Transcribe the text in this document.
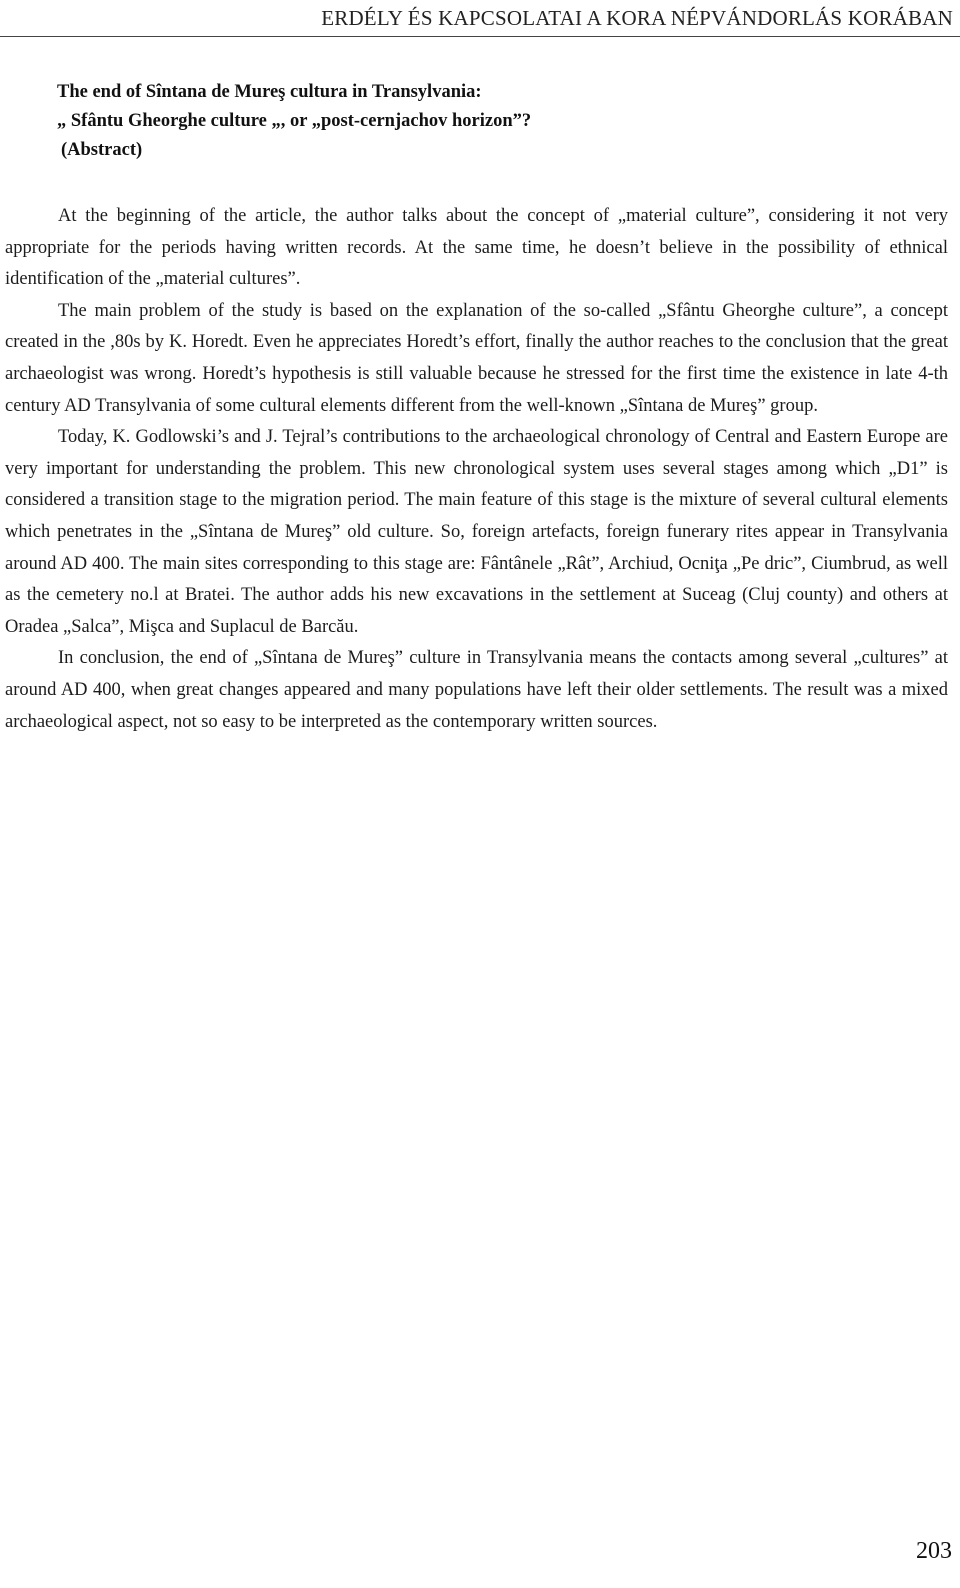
ERDÉLY ÉS KAPCSOLATAI A KORA NÉPVÁNDORLÁS KORÁBAN
The end of Sîntana de Mureş cultura in Transylvania:
„ Sfântu Gheorghe culture „, or „post-cernjachov horizon”?
(Abstract)

At the beginning of the article, the author talks about the concept of „material culture”, considering it not very appropriate for the periods having written records. At the same time, he doesn’t believe in the possibility of ethnical identification of the „material cultures”.

The main problem of the study is based on the explanation of the so-called „Sfântu Gheorghe culture”, a concept created in the ,80s by K. Horedt. Even he appreciates Horedt’s effort, finally the author reaches to the conclusion that the great archaeologist was wrong. Horedt’s hypothesis is still valuable because he stressed for the first time the existence in late 4-th century AD Transylvania of some cultural elements different from the well-known „Sîntana de Mureş” group.

Today, K. Godlowski’s and J. Tejral’s contributions to the archaeological chronology of Central and Eastern Europe are very important for understanding the problem. This new chronological system uses several stages among which „D1” is considered a transition stage to the migration period. The main feature of this stage is the mixture of several cultural elements which penetrates in the „Sîntana de Mureş” old culture. So, foreign artefacts, foreign funerary rites appear in Transylvania around AD 400. The main sites corresponding to this stage are: Fântânele „Rât”, Archiud, Ocniţa „Pe dric”, Ciumbrud, as well as the cemetery no.l at Bratei. The author adds his new excavations in the settlement at Suceag (Cluj county) and others at Oradea „Salca”, Mişca and Suplacul de Barcău.

In conclusion, the end of „Sîntana de Mureş” culture in Transylvania means the contacts among several „cultures” at around AD 400, when great changes appeared and many populations have left their older settlements. The result was a mixed archaeological aspect, not so easy to be interpreted as the contemporary written sources.

203
